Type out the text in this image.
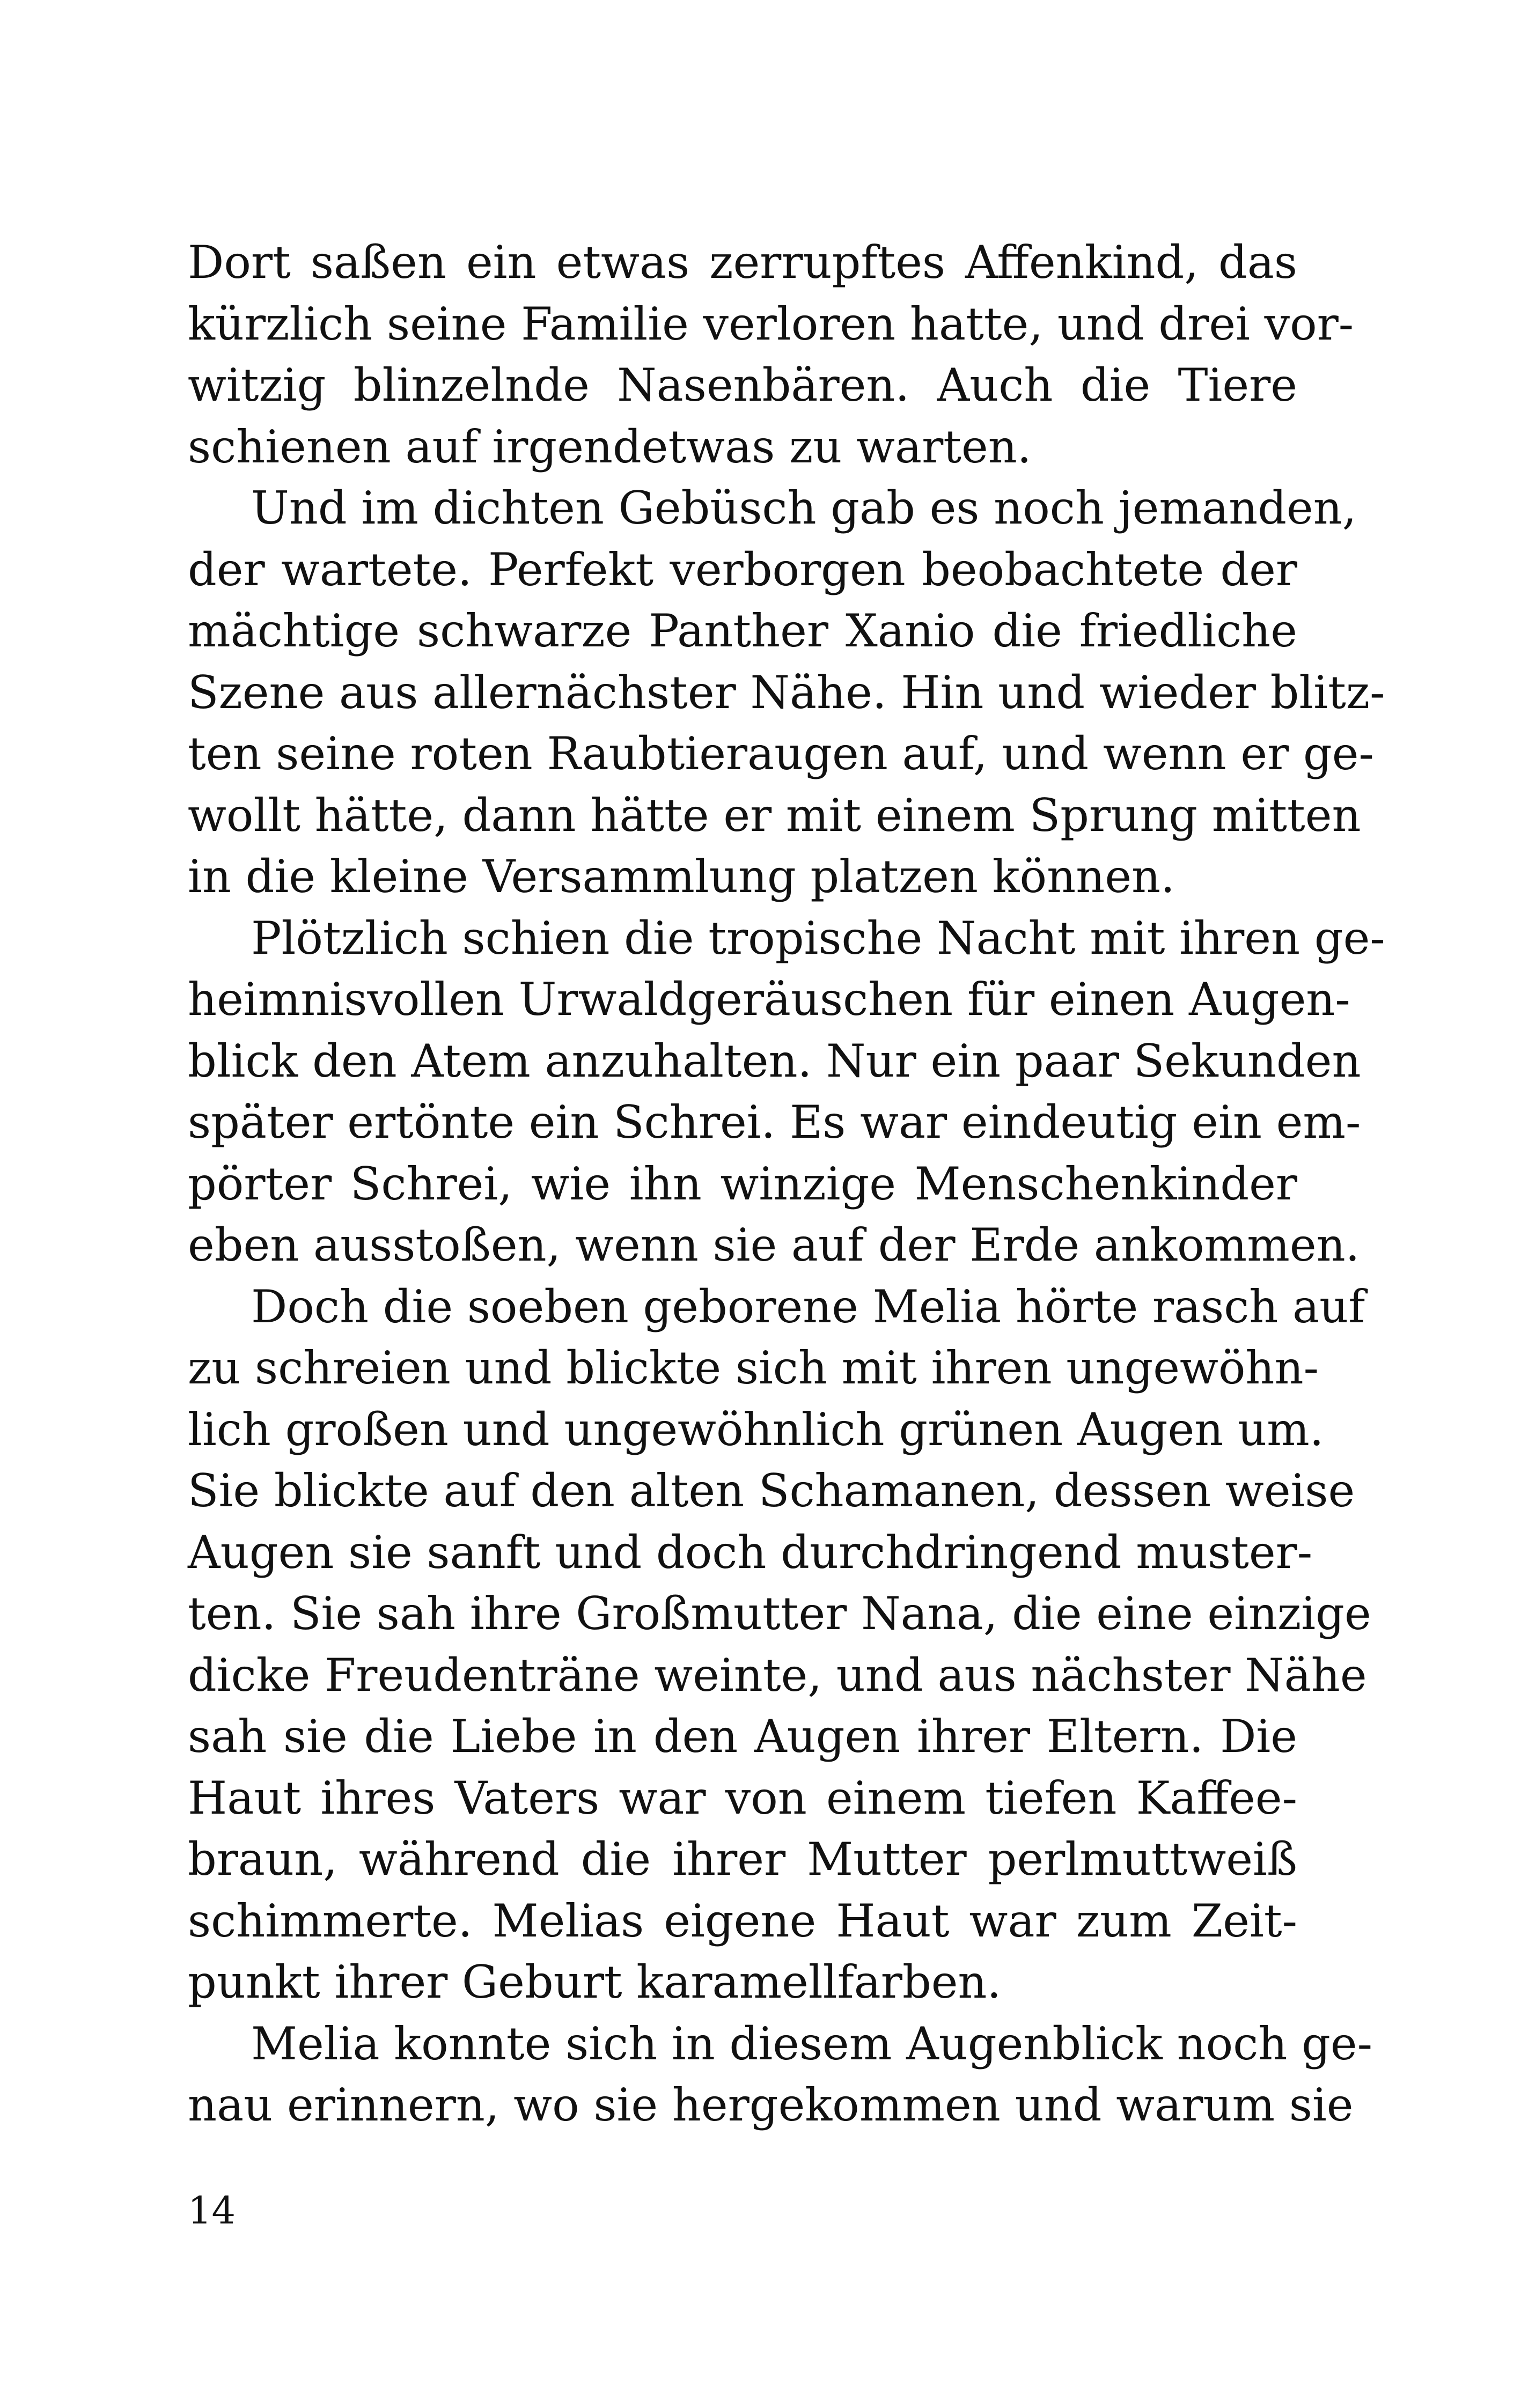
Dort saßen ein etwas zerrupftes Affenkind, das
kürzlich seine Familie verloren hatte, und drei vor-
witzig blinzelnde Nasenbären. Auch die Tiere
schienen auf irgendetwas zu warten.
Und im dichten Gebüsch gab es noch jemanden,
der wartete. Perfekt verborgen beobachtete der
mächtige schwarze Panther Xanio die friedliche
Szene aus allernächster Nähe. Hin und wieder blitz-
ten seine roten Raubtieraugen auf, und wenn er ge-
wollt hätte, dann hätte er mit einem Sprung mitten
in die kleine Versammlung platzen können.
Plötzlich schien die tropische Nacht mit ihren ge-
heimnisvollen Urwaldgeräuschen für einen Augen-
blick den Atem anzuhalten. Nur ein paar Sekunden
später ertönte ein Schrei. Es war eindeutig ein em-
pörter Schrei, wie ihn winzige Menschenkinder
eben ausstoßen, wenn sie auf der Erde ankommen.
Doch die soeben geborene Melia hörte rasch auf
zu schreien und blickte sich mit ihren ungewöhn-
lich großen und ungewöhnlich grünen Augen um.
Sie blickte auf den alten Schamanen, dessen weise
Augen sie sanft und doch durchdringend muster-
ten. Sie sah ihre Großmutter Nana, die eine einzige
dicke Freudenträne weinte, und aus nächster Nähe
sah sie die Liebe in den Augen ihrer Eltern. Die
Haut ihres Vaters war von einem tiefen Kaffee-
braun, während die ihrer Mutter perlmuttweiß
schimmerte. Melias eigene Haut war zum Zeit-
punkt ihrer Geburt karamellfarben.
Melia konnte sich in diesem Augenblick noch ge-
nau erinnern, wo sie hergekommen und warum sie
14
